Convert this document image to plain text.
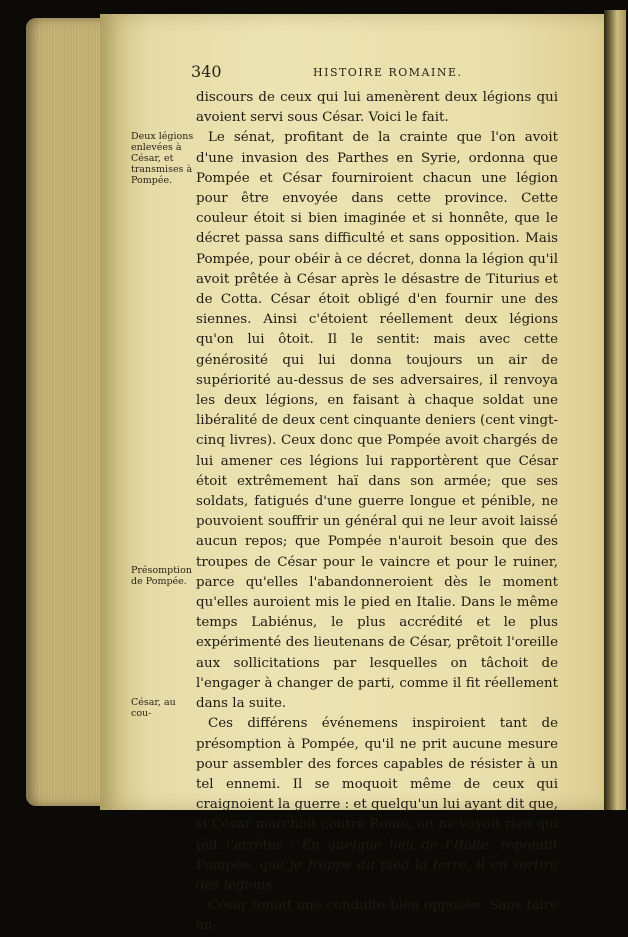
340	HISTOIRE ROMAINE.
Deux légions enlevées à César, et transmises à Pompée.
Présomption de Pompée.
César, au cou-

discours de ceux qui lui amenèrent deux légions qui avoient servi sous César. Voici le fait.

Le sénat, profitant de la crainte que l'on avoit d'une invasion des Parthes en Syrie, ordonna que Pompée et César fourniroient chacun une légion pour être envoyée dans cette province. Cette couleur étoit si bien imaginée et si honnête, que le décret passa sans difficulté et sans opposition. Mais Pompée, pour obéir à ce décret, donna la légion qu'il avoit prêtée à César après le désastre de Titurius et de Cotta. César étoit obligé d'en fournir une des siennes. Ainsi c'étoient réellement deux légions qu'on lui ôtoit. Il le sentit: mais avec cette générosité qui lui donna toujours un air de supériorité au-dessus de ses adversaires, il renvoya les deux légions, en faisant à chaque soldat une libéralité de deux cent cinquante deniers (cent vingt-cinq livres). Ceux donc que Pompée avoit chargés de lui amener ces légions lui rapportèrent que César étoit extrêmement haï dans son armée; que ses soldats, fatigués d'une guerre longue et pénible, ne pouvoient souffrir un général qui ne leur avoit laissé aucun repos; que Pompée n'auroit besoin que des troupes de César pour le vaincre et pour le ruiner, parce qu'elles l'abandonneroient dès le moment qu'elles auroient mis le pied en Italie. Dans le même temps Labiénus, le plus accrédité et le plus expérimenté des lieutenans de César, prêtoit l'oreille aux sollicitations par lesquelles on tâchoit de l'engager à changer de parti, comme il fit réellement dans la suite.

Ces différens événemens inspiroient tant de présomption à Pompée, qu'il ne prit aucune mesure pour assembler des forces capables de résister à un tel ennemi. Il se moquoit même de ceux qui craignoient la guerre : et quelqu'un lui ayant dit que, si César marchoit contre Rome, on ne voyoit rien qui pût l'arrêter : En quelque lieu de l'Italie, répondit Pompée, que je frappe du pied la terre, il en sortira des légions.

César tenoit une conduite bien opposée. Sans faire au-
